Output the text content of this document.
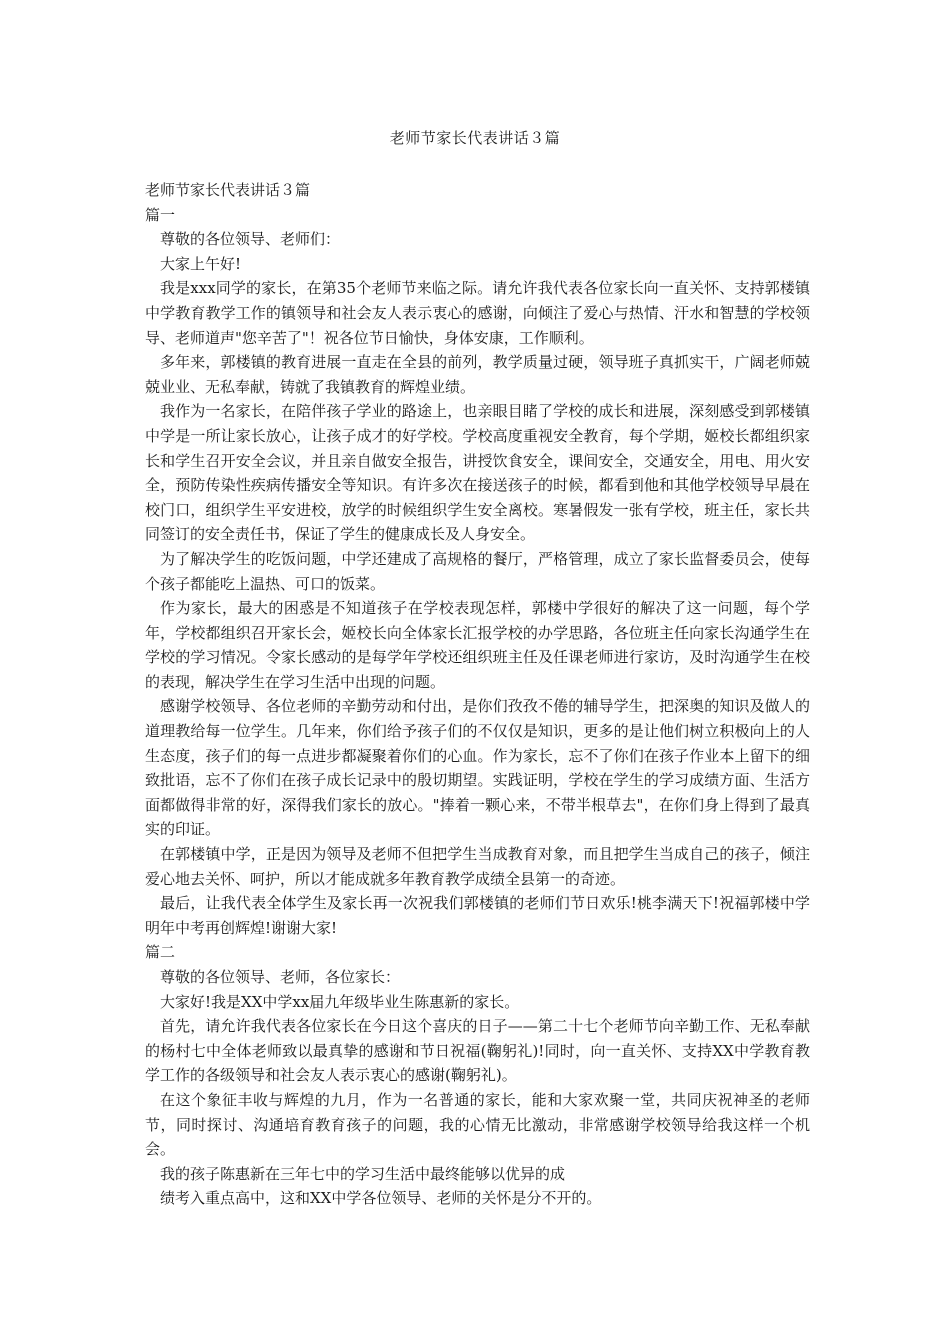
老师节家长代表讲话３篇

老师节家长代表讲话３篇

篇一

尊敬的各位领导、老师们：

大家上午好!

我是xxx同学的家长，在第35个老师节来临之际。请允许我代表各位家长向一直关怀、支持郭楼镇中学教育教学工作的镇领导和社会友人表示衷心的感谢，向倾注了爱心与热情、汗水和智慧的学校领导、老师道声"您辛苦了"！祝各位节日愉快，身体安康，工作顺利。

多年来，郭楼镇的教育进展一直走在全县的前列，教学质量过硬，领导班子真抓实干，广阔老师兢兢业业、无私奉献，铸就了我镇教育的辉煌业绩。

我作为一名家长，在陪伴孩子学业的路途上，也亲眼目睹了学校的成长和进展，深刻感受到郭楼镇中学是一所让家长放心，让孩子成才的好学校。学校高度重视安全教育，每个学期，姬校长都组织家长和学生召开安全会议，并且亲自做安全报告，讲授饮食安全，课间安全，交通安全，用电、用火安全，预防传染性疾病传播安全等知识。有许多次在接送孩子的时候，都看到他和其他学校领导早晨在校门口，组织学生平安进校，放学的时候组织学生安全离校。寒暑假发一张有学校，班主任，家长共同签订的安全责任书，保证了学生的健康成长及人身安全。

为了解决学生的吃饭问题，中学还建成了高规格的餐厅，严格管理，成立了家长监督委员会，使每个孩子都能吃上温热、可口的饭菜。

作为家长，最大的困惑是不知道孩子在学校表现怎样，郭楼中学很好的解决了这一问题，每个学年，学校都组织召开家长会，姬校长向全体家长汇报学校的办学思路，各位班主任向家长沟通学生在学校的学习情况。令家长感动的是每学年学校还组织班主任及任课老师进行家访，及时沟通学生在校的表现，解决学生在学习生活中出现的问题。

感谢学校领导、各位老师的辛勤劳动和付出，是你们孜孜不倦的辅导学生，把深奥的知识及做人的道理教给每一位学生。几年来，你们给予孩子们的不仅仅是知识，更多的是让他们树立积极向上的人生态度，孩子们的每一点进步都凝聚着你们的心血。作为家长，忘不了你们在孩子作业本上留下的细致批语，忘不了你们在孩子成长记录中的殷切期望。实践证明，学校在学生的学习成绩方面、生活方面都做得非常的好，深得我们家长的放心。"捧着一颗心来，不带半根草去"，在你们身上得到了最真实的印证。

在郭楼镇中学，正是因为领导及老师不但把学生当成教育对象，而且把学生当成自己的孩子，倾注爱心地去关怀、呵护，所以才能成就多年教育教学成绩全县第一的奇迹。

最后，让我代表全体学生及家长再一次祝我们郭楼镇的老师们节日欢乐!桃李满天下!祝福郭楼中学明年中考再创辉煌!谢谢大家!

篇二

尊敬的各位领导、老师，各位家长：

大家好!我是XX中学xx届九年级毕业生陈惠新的家长。

首先，请允许我代表各位家长在今日这个喜庆的日子——第二十七个老师节向辛勤工作、无私奉献的杨村七中全体老师致以最真挚的感谢和节日祝福(鞠躬礼)!同时，向一直关怀、支持XX中学教育教学工作的各级领导和社会友人表示衷心的感谢(鞠躬礼)。

在这个象征丰收与辉煌的九月，作为一名普通的家长，能和大家欢聚一堂，共同庆祝神圣的老师节，同时探讨、沟通培育教育孩子的问题，我的心情无比激动，非常感谢学校领导给我这样一个机会。

我的孩子陈惠新在三年七中的学习生活中最终能够以优异的成

绩考入重点高中，这和XX中学各位领导、老师的关怀是分不开的。
